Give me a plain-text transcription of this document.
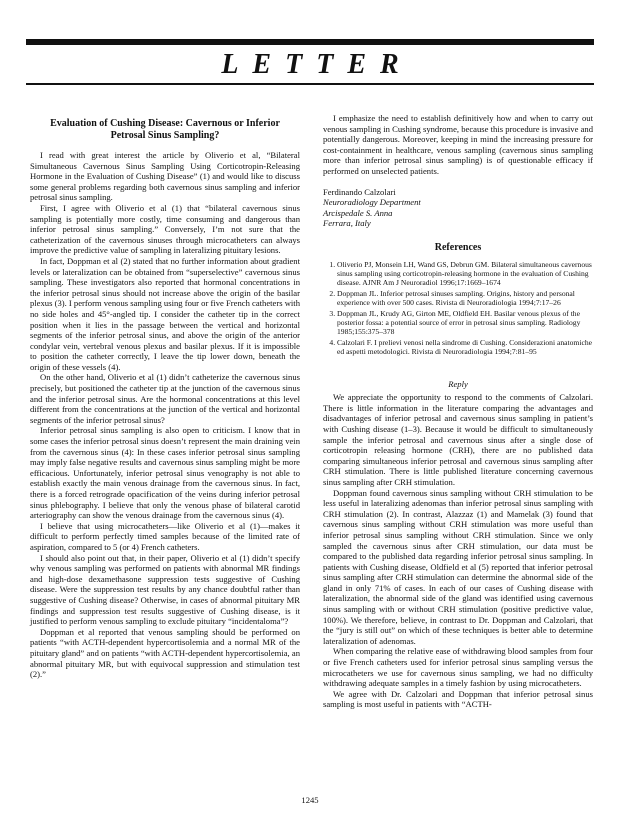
LETTER
Evaluation of Cushing Disease: Cavernous or Inferior Petrosal Sinus Sampling?

I read with great interest the article by Oliverio et al, “Bilateral Simultaneous Cavernous Sinus Sampling Using Corticotropin-Releasing Hormone in the Evaluation of Cushing Disease” (1) and would like to discuss some general problems regarding both cavernous sinus sampling and inferior petrosal sinus sampling.

First, I agree with Oliverio et al (1) that “bilateral cavernous sinus sampling is potentially more costly, time consuming and dangerous than inferior petrosal sinus sampling.” Conversely, I’m not sure that the catheterization of the cavernous sinuses through microcatheters can always improve the predictive value of sampling in lateralizing pituitary lesions.

In fact, Doppman et al (2) stated that no further information about gradient levels or lateralization can be obtained from “superselective” cavernous sinus sampling. These investigators also reported that hormonal concentrations in the inferior petrosal sinus should not increase above the origin of the basilar plexus (3). I perform venous sampling using four or five French catheters with no side holes and 45°-angled tip. I consider the catheter tip in the correct position when it lies in the passage between the vertical and horizontal segments of the inferior petrosal sinus, and above the origin of the anterior condylar vein, vertebral venous plexus and basilar plexus. If it is impossible to position the catheter correctly, I leave the tip lower down, beneath the origin of these vessels (4).

On the other hand, Oliverio et al (1) didn’t catheterize the cavernous sinus precisely, but positioned the catheter tip at the junction of the cavernous sinus and the inferior petrosal sinus. Are the hormonal concentrations at this level different from the concentrations at the junction of the vertical and horizontal segments of the inferior petrosal sinus?

Inferior petrosal sinus sampling is also open to criticism. I know that in some cases the inferior petrosal sinus doesn’t represent the main draining vein from the cavernous sinus (4): In these cases inferior petrosal sinus sampling may imply false negative results and cavernous sinus sampling might be more efficacious. Unfortunately, inferior petrosal sinus venography is not able to establish exactly the main venous drainage from the cavernous sinus. In fact, there is a forced retrograde opacification of the veins during inferior petrosal sinus phlebography. I believe that only the venous phase of bilateral carotid arteriography can show the venous drainage from the cavernous sinus (4).

I believe that using microcatheters—like Oliverio et al (1)—makes it difficult to perform perfectly timed samples because of the limited rate of aspiration, compared to 5 (or 4) French catheters.

I should also point out that, in their paper, Oliverio et al (1) didn’t specify why venous sampling was performed on patients with abnormal MR findings and high-dose dexamethasone suppression tests suggestive of Cushing disease. Were the suppression test results by any chance doubtful rather than suggestive of Cushing disease? Otherwise, in cases of abnormal pituitary MR findings and suppression test results suggestive of Cushing disease, is it justified to perform venous sampling to exclude pituitary “incidentaloma”?

Doppman et al reported that venous sampling should be performed on patients “with ACTH-dependent hypercortisolemia and a normal MR of the pituitary gland” and on patients “with ACTH-dependent hypercortisolemia, an abnormal pituitary MR, but with equivocal suppression and stimulation test (2).”

I emphasize the need to establish definitively how and when to carry out venous sampling in Cushing syndrome, because this procedure is invasive and potentially dangerous. Moreover, keeping in mind the increasing pressure for cost-containment in healthcare, venous sampling (cavernous sinus sampling more than inferior petrosal sinus sampling) is of questionable efficacy if performed on unselected patients.

Ferdinando Calzolari
Neuroradiology Department
Arcispedale S. Anna
Ferrara, Italy
References
1. Oliverio PJ, Monsein LH, Wand GS, Debrun GM. Bilateral simultaneous cavernous sinus sampling using corticotropin-releasing hormone in the evaluation of Cushing disease. AJNR Am J Neuroradiol 1996;17:1669–1674
2. Doppman JL. Inferior petrosal sinuses sampling. Origins, history and personal experience with over 500 cases. Rivista di Neuroradiologia 1994;7:17–26
3. Doppman JL, Krudy AG, Girton ME, Oldfield EH. Basilar venous plexus of the posterior fossa: a potential source of error in petrosal sinus sampling. Radiology 1985;155:375–378
4. Calzolari F. I prelievi venosi nella sindrome di Cushing. Considerazioni anatomiche ed aspetti metodologici. Rivista di Neuroradiologia 1994;7:81–95
Reply

We appreciate the opportunity to respond to the comments of Calzolari. There is little information in the literature comparing the advantages and disadvantages of inferior petrosal and cavernous sinus sampling in patient’s with Cushing disease (1–3). Because it would be difficult to simultaneously sample the inferior petrosal and cavernous sinus after a single dose of corticotropin releasing hormone (CRH), there are no published data comparing simultaneous inferior petrosal and cavernous sinus sampling after CRH stimulation. There is little published literature concerning cavernous sinus sampling after CRH stimulation.

Doppman found cavernous sinus sampling without CRH stimulation to be less useful in lateralizing adenomas than inferior petrosal sinus sampling with CRH stimulation (2). In contrast, Alazzaz (1) and Mamelak (3) found that cavernous sinus sampling without CRH stimulation was more useful than inferior petrosal sinus sampling without CRH stimulation. Since we only sampled the cavernous sinus after CRH stimulation, our data must be compared to the published data regarding inferior petrosal sinus sampling. In patients with Cushing disease, Oldfield et al (5) reported that inferior petrosal sinus sampling after CRH stimulation can determine the abnormal side of the gland in only 71% of cases. In each of our cases of Cushing disease with lateralization, the abnormal side of the gland was identified using cavernous sinus sampling with or without CRH stimulation (positive predictive value, 100%). We therefore, believe, in contrast to Dr. Doppman and Calzolari, that the “jury is still out” on which of these techniques is better able to determine lateralization of adenomas.

When comparing the relative ease of withdrawing blood samples from four or five French catheters used for inferior petrosal sinus sampling versus the microcatheters we use for cavernous sinus sampling, we had no difficulty withdrawing adequate samples in a timely fashion by using microcatheters.

We agree with Dr. Calzolari and Doppman that inferior petrosal sinus sampling is most useful in patients with “ACTH-

1245
